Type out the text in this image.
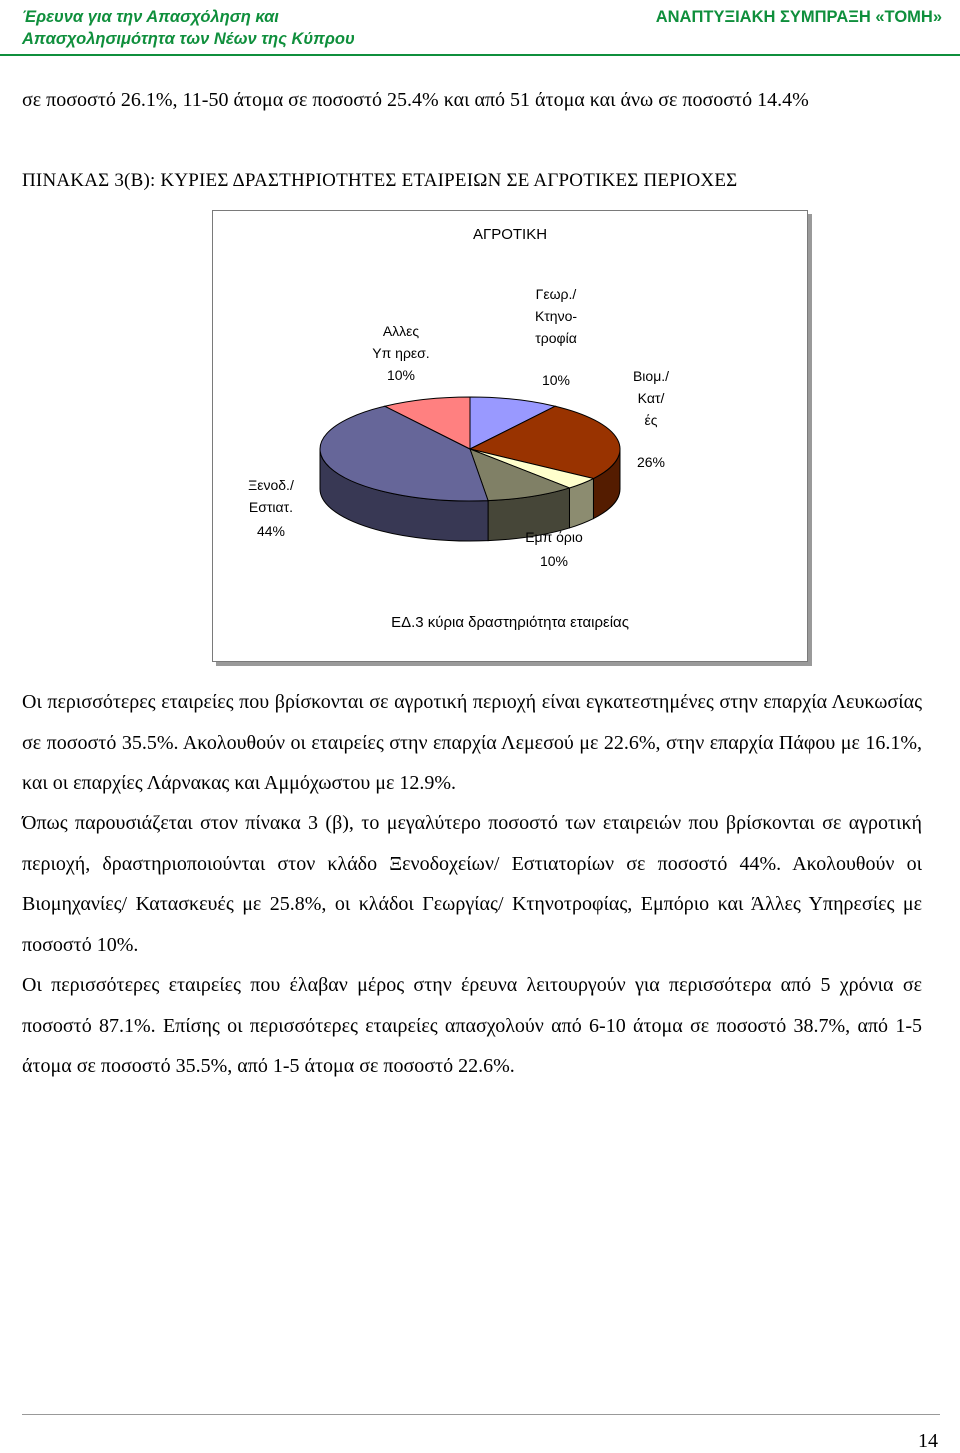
Έρευνα για την Απασχόληση και
Απασχολησιμότητα των Νέων της Κύπρου
ΑΝΑΠΤΥΞΙΑΚΗ ΣΥΜΠΡΑΞΗ «ΤΟΜΗ»
σε ποσοστό 26.1%, 11-50 άτομα σε ποσοστό 25.4% και από 51 άτομα και άνω σε ποσοστό 14.4%
ΠΙΝΑΚΑΣ 3(Β): ΚΥΡΙΕΣ ΔΡΑΣΤΗΡΙΟΤΗΤΕΣ ΕΤΑΙΡΕΙΩΝ ΣΕ ΑΓΡΟΤΙΚΕΣ ΠΕΡΙΟΧΕΣ
ΑΓΡΟΤΙΚΗ
Γεωρ./
Κτηνο-
τροφία
10%	Βιομ./
Κατ/
ές
26%
Εμπ όριο
10%
Ξενοδ./
Εστιατ.
44%
Αλλες
Υπ ηρεσ.
10%
ΕΔ.3 κύρια δραστηριότητα εταιρείας
Οι περισσότερες εταιρείες που βρίσκονται σε αγροτική περιοχή είναι εγκατεστημένες στην επαρχία Λευκωσίας σε ποσοστό 35.5%. Ακολουθούν οι εταιρείες στην επαρχία Λεμεσού με 22.6%, στην επαρχία Πάφου με 16.1%, και οι επαρχίες Λάρνακας και Αμμόχωστου με 12.9%.
Όπως παρουσιάζεται στον πίνακα 3 (β), το μεγαλύτερο ποσοστό των εταιρειών που βρίσκονται σε αγροτική περιοχή, δραστηριοποιούνται στον κλάδο Ξενοδοχείων/ Εστιατορίων σε ποσοστό 44%. Ακολουθούν οι Βιομηχανίες/ Κατασκευές με 25.8%, οι κλάδοι Γεωργίας/ Κτηνοτροφίας, Εμπόριο και Άλλες Υπηρεσίες με ποσοστό 10%.
Οι περισσότερες εταιρείες που έλαβαν μέρος στην έρευνα λειτουργούν για περισσότερα από 5 χρόνια σε ποσοστό 87.1%. Επίσης οι περισσότερες εταιρείες απασχολούν από 6-10 άτομα σε ποσοστό 38.7%, από 1-5 άτομα σε ποσοστό 35.5%, από 1-5 άτομα σε ποσοστό 22.6%.
14
